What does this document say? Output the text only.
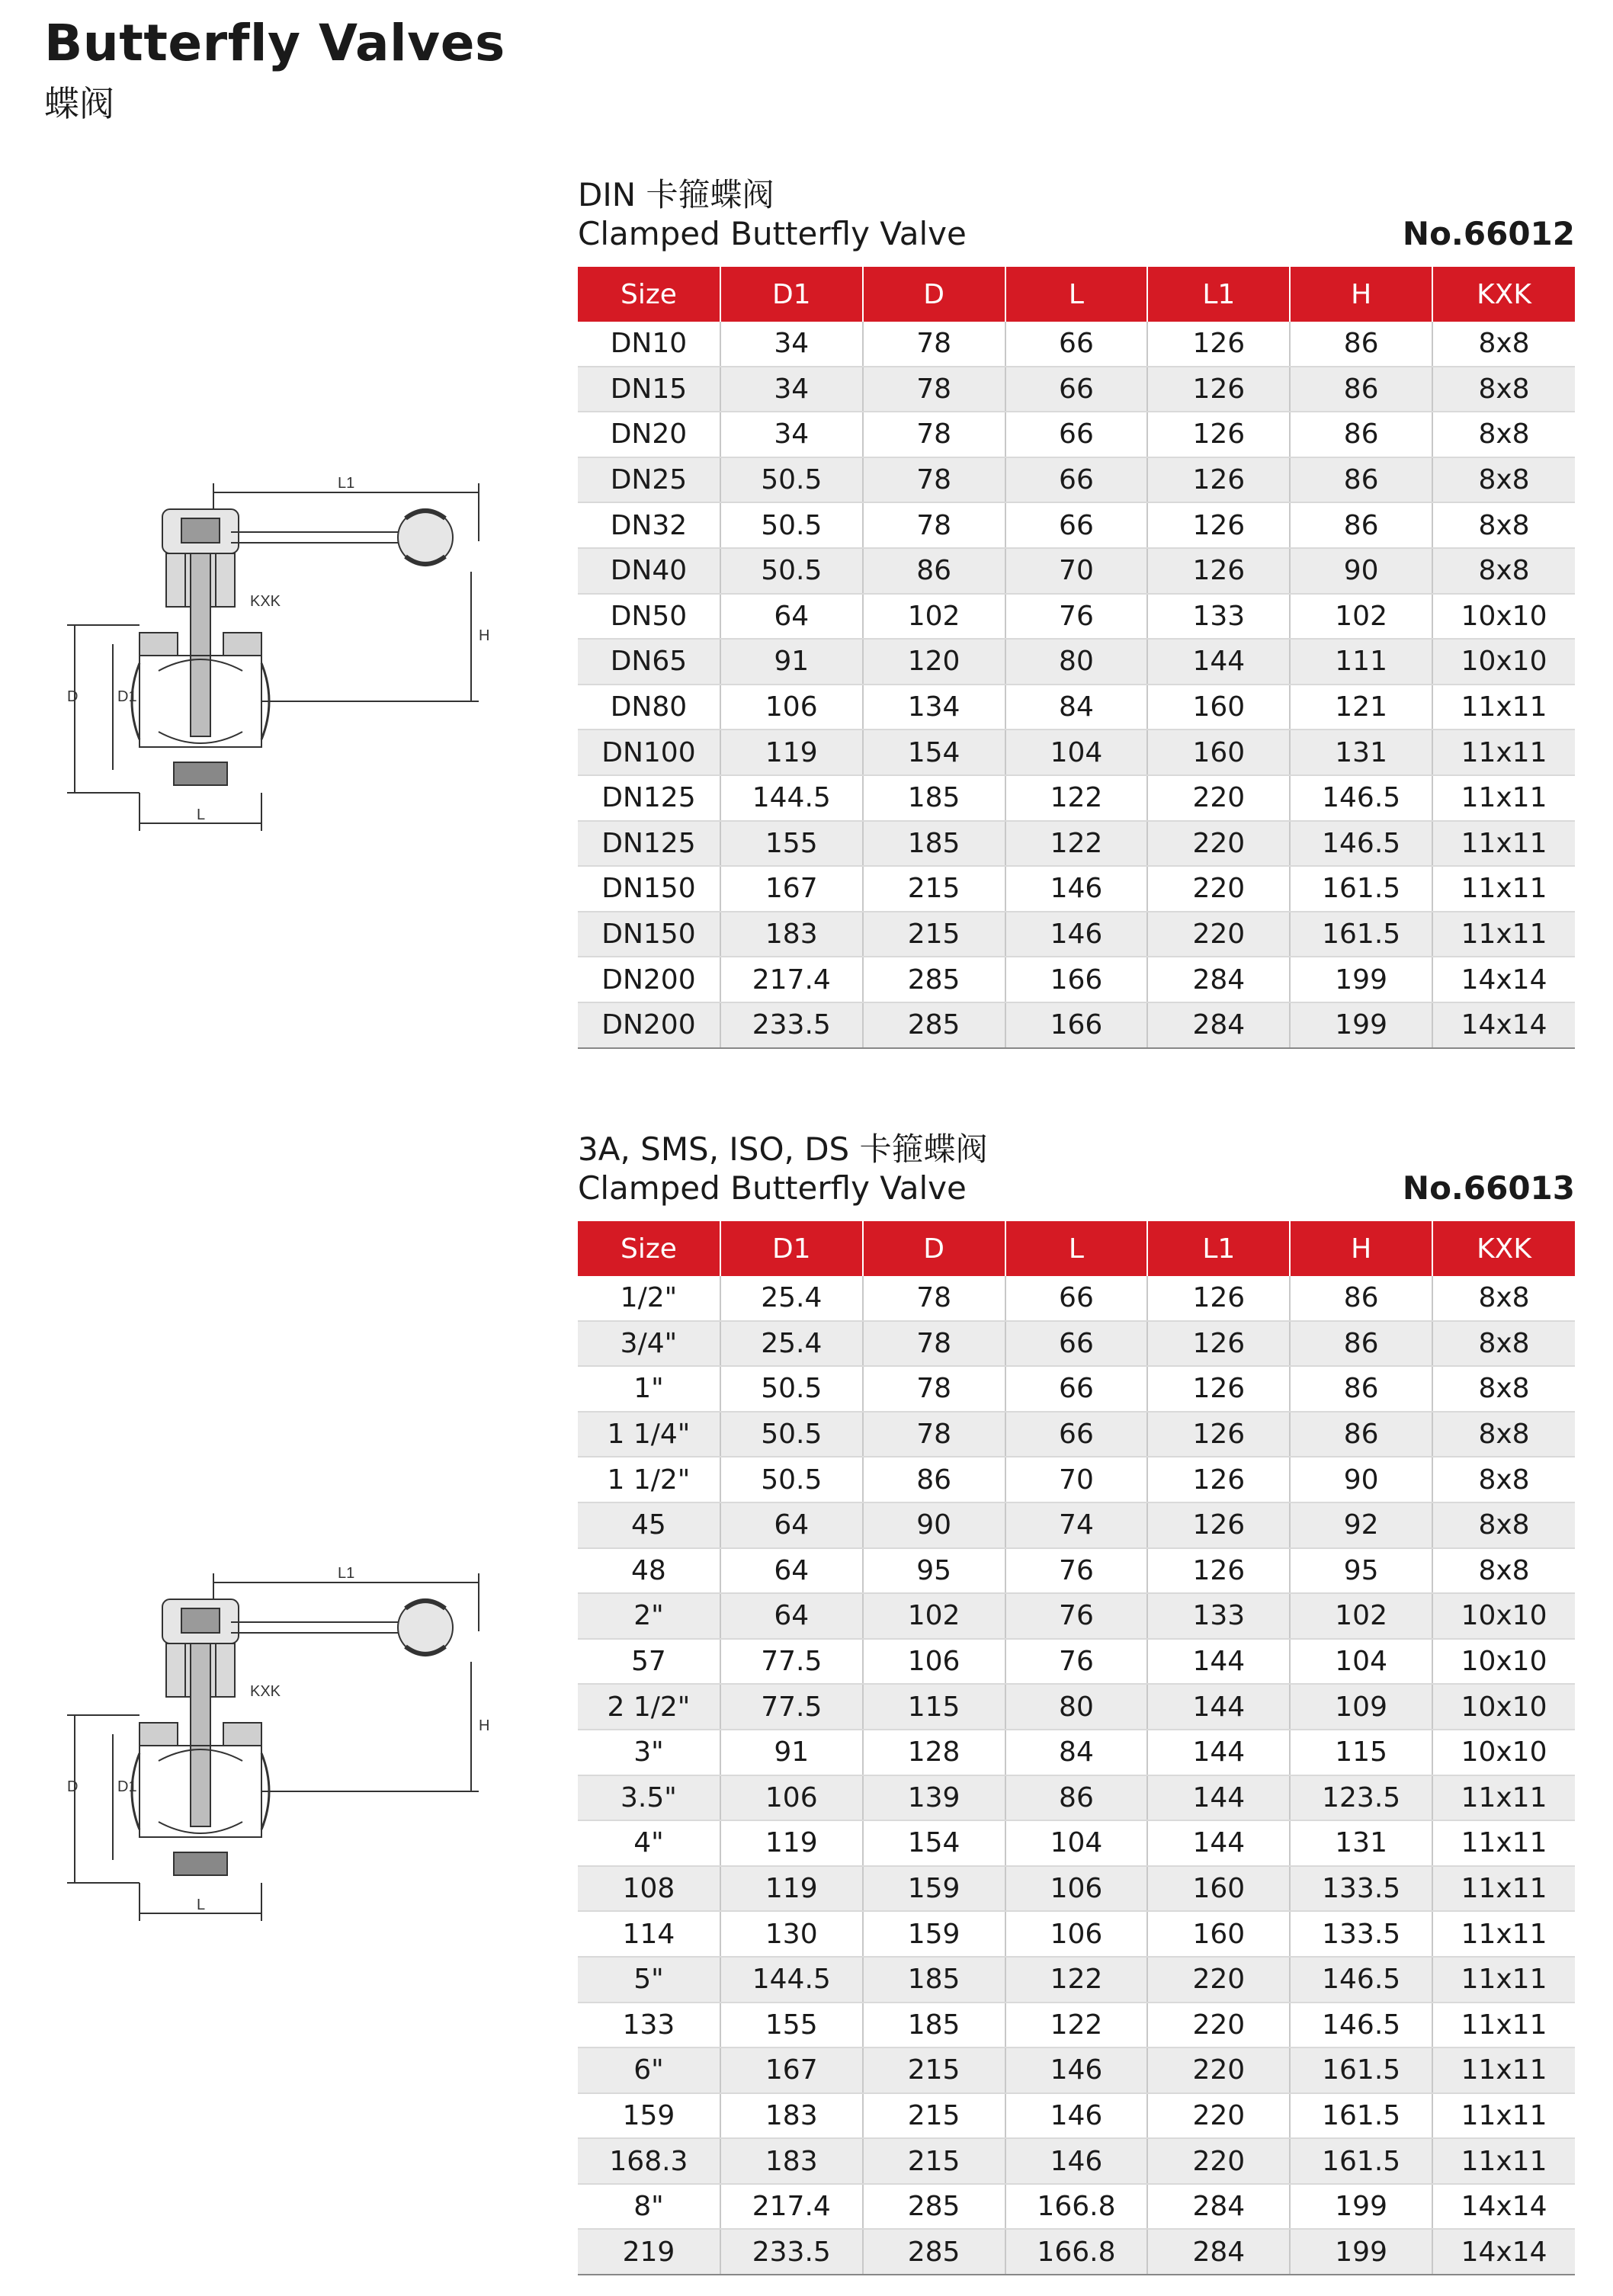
Butterfly Valves
蝶阀
DIN 卡箍蝶阀
Clamped Butterfly Valve	No.66012
Size	D1	D	L	L1	H	KXK
DN10	34	78	66	126	86	8x8
DN15	34	78	66	126	86	8x8
DN20	34	78	66	126	86	8x8
DN25	50.5	78	66	126	86	8x8
DN32	50.5	78	66	126	86	8x8
DN40	50.5	86	70	126	90	8x8
DN50	64	102	76	133	102	10x10
DN65	91	120	80	144	111	10x10
DN80	106	134	84	160	121	11x11
DN100	119	154	104	160	131	11x11
DN125	144.5	185	122	220	146.5	11x11
DN125	155	185	122	220	146.5	11x11
DN150	167	215	146	220	161.5	11x11
DN150	183	215	146	220	161.5	11x11
DN200	217.4	285	166	284	199	14x14
DN200	233.5	285	166	284	199	14x14
3A, SMS, ISO, DS 卡箍蝶阀
Clamped Butterfly Valve	No.66013
Size	D1	D	L	L1	H	KXK
1/2"	25.4	78	66	126	86	8x8
3/4"	25.4	78	66	126	86	8x8
1"	50.5	78	66	126	86	8x8
1 1/4"	50.5	78	66	126	86	8x8
1 1/2"	50.5	86	70	126	90	8x8
45	64	90	74	126	92	8x8
48	64	95	76	126	95	8x8
2"	64	102	76	133	102	10x10
57	77.5	106	76	144	104	10x10
2 1/2"	77.5	115	80	144	109	10x10
3"	91	128	84	144	115	10x10
3.5"	106	139	86	144	123.5	11x11
4"	119	154	104	144	131	11x11
108	119	159	106	160	133.5	11x11
114	130	159	106	160	133.5	11x11
5"	144.5	185	122	220	146.5	11x11
133	155	185	122	220	146.5	11x11
6"	167	215	146	220	161.5	11x11
159	183	215	146	220	161.5	11x11
168.3	183	215	146	220	161.5	11x11
8"	217.4	285	166.8	284	199	14x14
219	233.5	285	166.8	284	199	14x14
L1
KXK
H
D	D1
L
L1
KXK
H
D	D1
L
